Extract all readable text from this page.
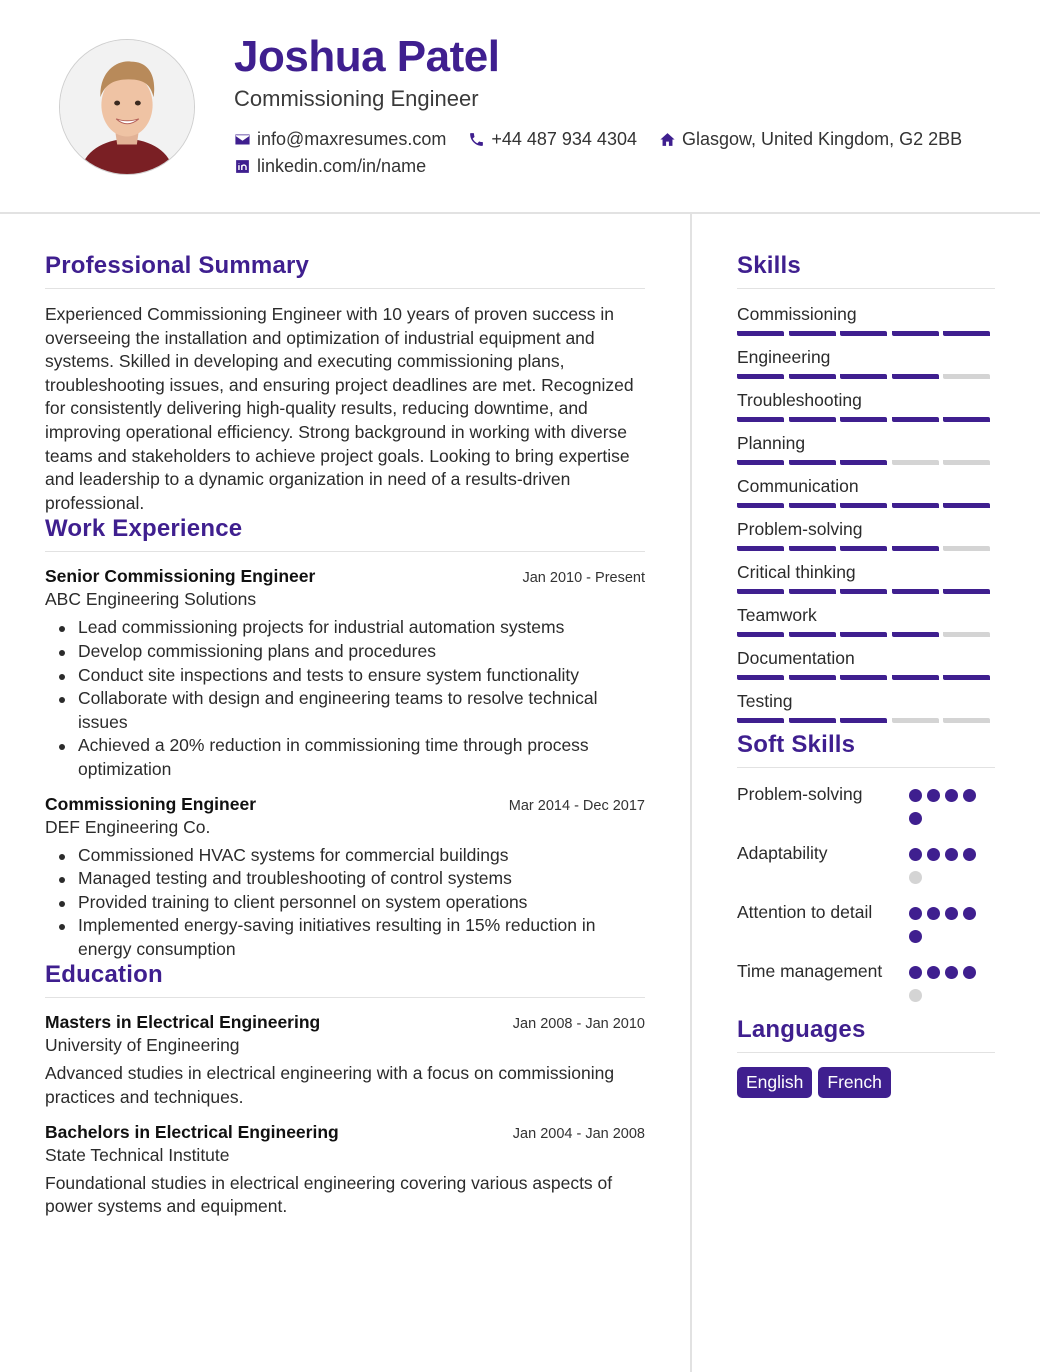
Joshua Patel
Commissioning Engineer
info@maxresumes.com	+44 487 934 4304	Glasgow, United Kingdom, G2 2BB
linkedin.com/in/name
Professional Summary

Experienced Commissioning Engineer with 10 years of proven success in overseeing the installation and optimization of industrial equipment and systems. Skilled in developing and executing commissioning plans, troubleshooting issues, and ensuring project deadlines are met. Recognized for consistently delivering high-quality results, reducing downtime, and improving operational efficiency. Strong background in working with diverse teams and stakeholders to achieve project goals. Looking to bring expertise and leadership to a dynamic organization in need of a results-driven professional.

Work Experience
Senior Commissioning Engineer	Jan 2010 - Present
ABC Engineering Solutions
Lead commissioning projects for industrial automation systems
Develop commissioning plans and procedures
Conduct site inspections and tests to ensure system functionality
Collaborate with design and engineering teams to resolve technical issues
Achieved a 20% reduction in commissioning time through process optimization
Commissioning Engineer	Mar 2014 - Dec 2017
DEF Engineering Co.
Commissioned HVAC systems for commercial buildings
Managed testing and troubleshooting of control systems
Provided training to client personnel on system operations
Implemented energy-saving initiatives resulting in 15% reduction in energy consumption
Education
Masters in Electrical Engineering	Jan 2008 - Jan 2010
University of Engineering

Advanced studies in electrical engineering with a focus on commissioning practices and techniques.

Bachelors in Electrical Engineering	Jan 2004 - Jan 2008
State Technical Institute

Foundational studies in electrical engineering covering various aspects of power systems and equipment.

Skills
Commissioning
Engineering
Troubleshooting
Planning
Communication
Problem-solving
Critical thinking
Teamwork
Documentation
Testing
Soft Skills
Problem-solving
Adaptability
Attention to detail
Time management
Languages
English	French
